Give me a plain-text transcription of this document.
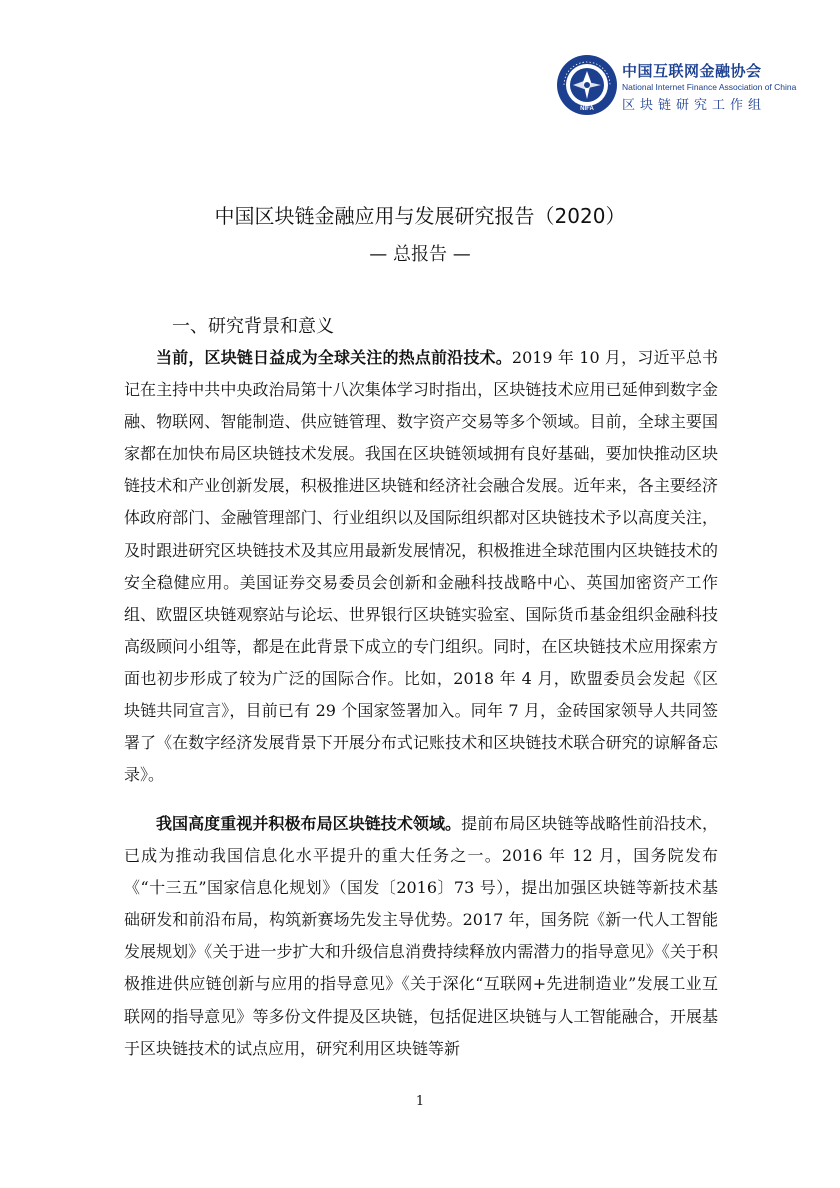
NIFA
中国互联网金融协会
National Internet Finance Association of China
区块链研究工作组
中国区块链金融应用与发展研究报告（2020）
— 总报告 —
一、研究背景和意义

当前，区块链日益成为全球关注的热点前沿技术。2019 年 10 月，习近平总书记在主持中共中央政治局第十八次集体学习时指出，区块链技术应用已延伸到数字金融、物联网、智能制造、供应链管理、数字资产交易等多个领域。目前，全球主要国家都在加快布局区块链技术发展。我国在区块链领域拥有良好基础，要加快推动区块链技术和产业创新发展，积极推进区块链和经济社会融合发展。近年来，各主要经济体政府部门、金融管理部门、行业组织以及国际组织都对区块链技术予以高度关注，及时跟进研究区块链技术及其应用最新发展情况，积极推进全球范围内区块链技术的安全稳健应用。美国证券交易委员会创新和金融科技战略中心、英国加密资产工作组、欧盟区块链观察站与论坛、世界银行区块链实验室、国际货币基金组织金融科技高级顾问小组等，都是在此背景下成立的专门组织。同时，在区块链技术应用探索方面也初步形成了较为广泛的国际合作。比如，2018 年 4 月，欧盟委员会发起《区块链共同宣言》，目前已有 29 个国家签署加入。同年 7 月，金砖国家领导人共同签署了《在数字经济发展背景下开展分布式记账技术和区块链技术联合研究的谅解备忘录》。

我国高度重视并积极布局区块链技术领域。提前布局区块链等战略性前沿技术，已成为推动我国信息化水平提升的重大任务之一。2016 年 12 月，国务院发布《“十三五”国家信息化规划》（国发〔2016〕73 号），提出加强区块链等新技术基础研发和前沿布局，构筑新赛场先发主导优势。2017 年，国务院《新一代人工智能发展规划》《关于进一步扩大和升级信息消费持续释放内需潜力的指导意见》《关于积极推进供应链创新与应用的指导意见》《关于深化“互联网+先进制造业”发展工业互联网的指导意见》等多份文件提及区块链，包括促进区块链与人工智能融合，开展基于区块链技术的试点应用，研究利用区块链等新

1
